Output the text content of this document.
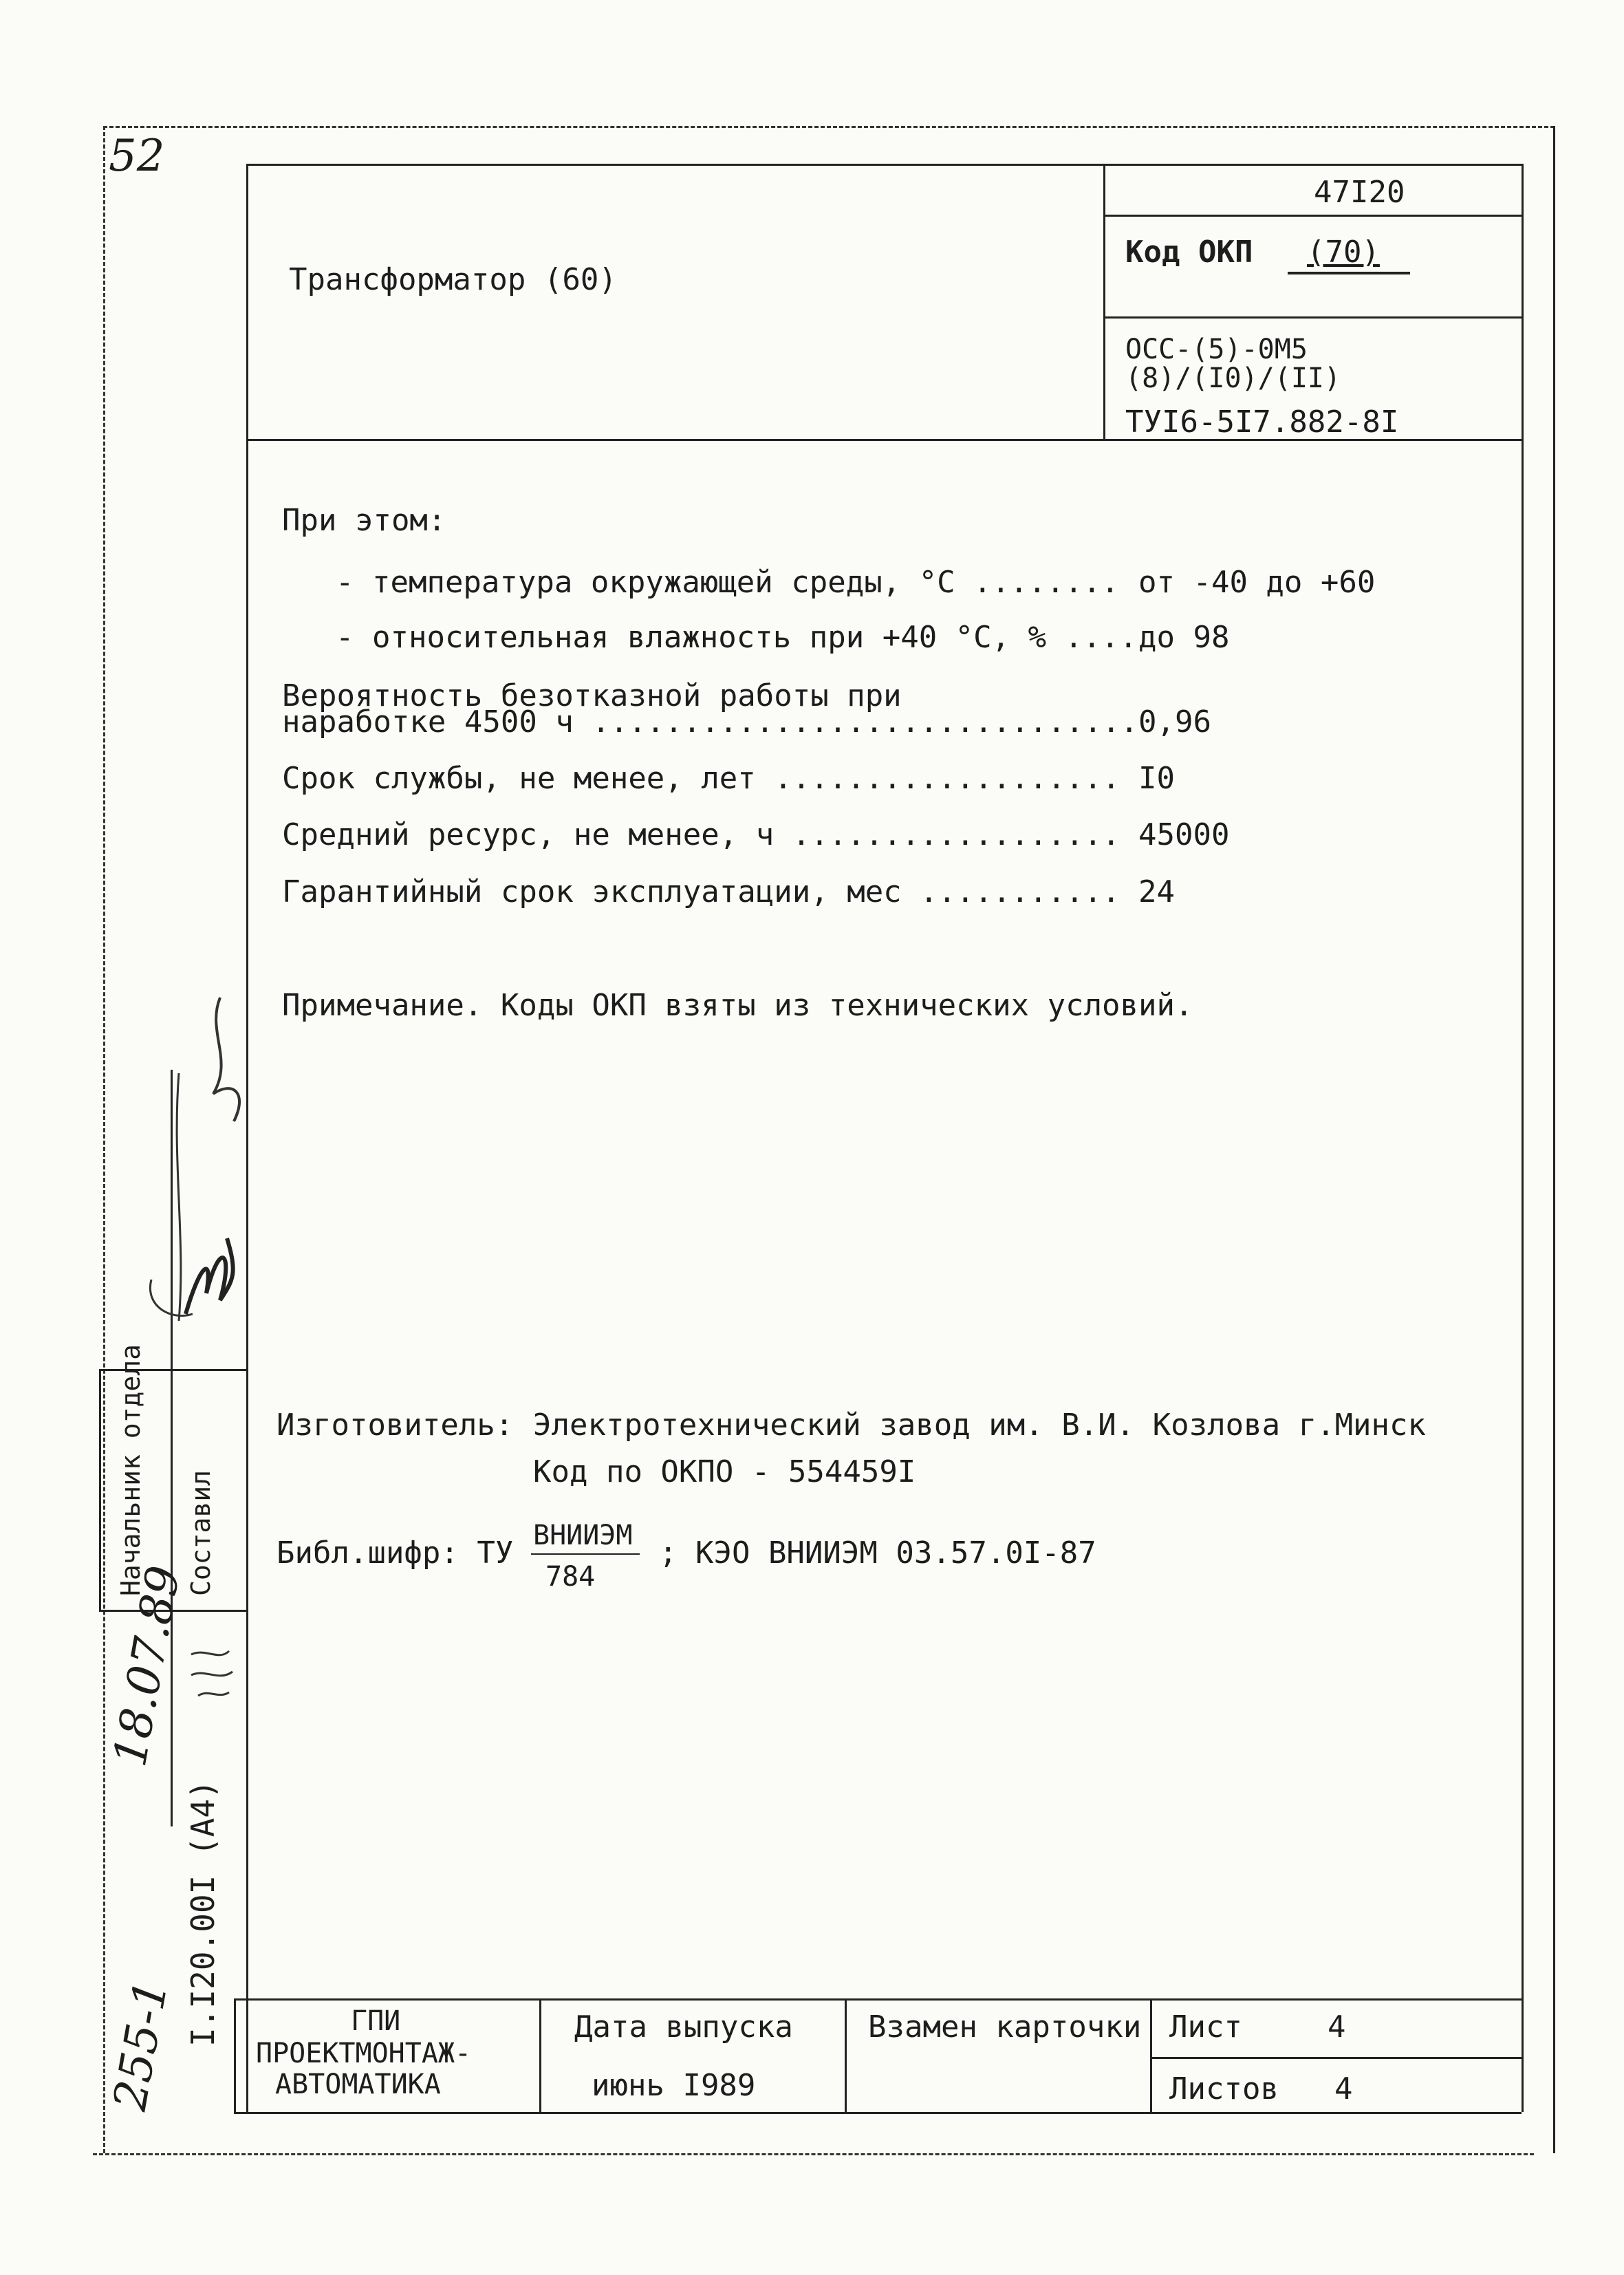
52
Трансформатор (60)
47I20
Код ОКП (70)
ОСС-(5)-0М5
(8)/(I0)/(II)
ТУI6-5I7.882-8I
При этом:
- температура окружающей среды, °С ........ от -40 до +60
- относительная влажность при +40 °С, % .... до 98
Вероятность безотказной работы при
наработке 4500 ч .............................. 0,96
Срок службы, не менее, лет ................... I0
Средний ресурс, не менее, ч .................. 45000
Гарантийный срок эксплуатации, мес ........... 24
Примечание. Коды ОКП взяты из технических условий.
Изготовитель: Электротехнический завод им. В.И. Козлова г.Минск
Код по ОКПО - 554459I
Библ.шифр: ТУ ВНИИЭМ
784
; КЭО ВНИИЭМ 03.57.0I-87
Начальник отдела Составил
I.I20.00I (A4)
18.07.89
255-1	ГПИ
ПРОЕКТМОНТАЖ-
АВТОМАТИКА
Дата выпуска
июнь I989
Взамен карточки Лист	4
Листов 4
